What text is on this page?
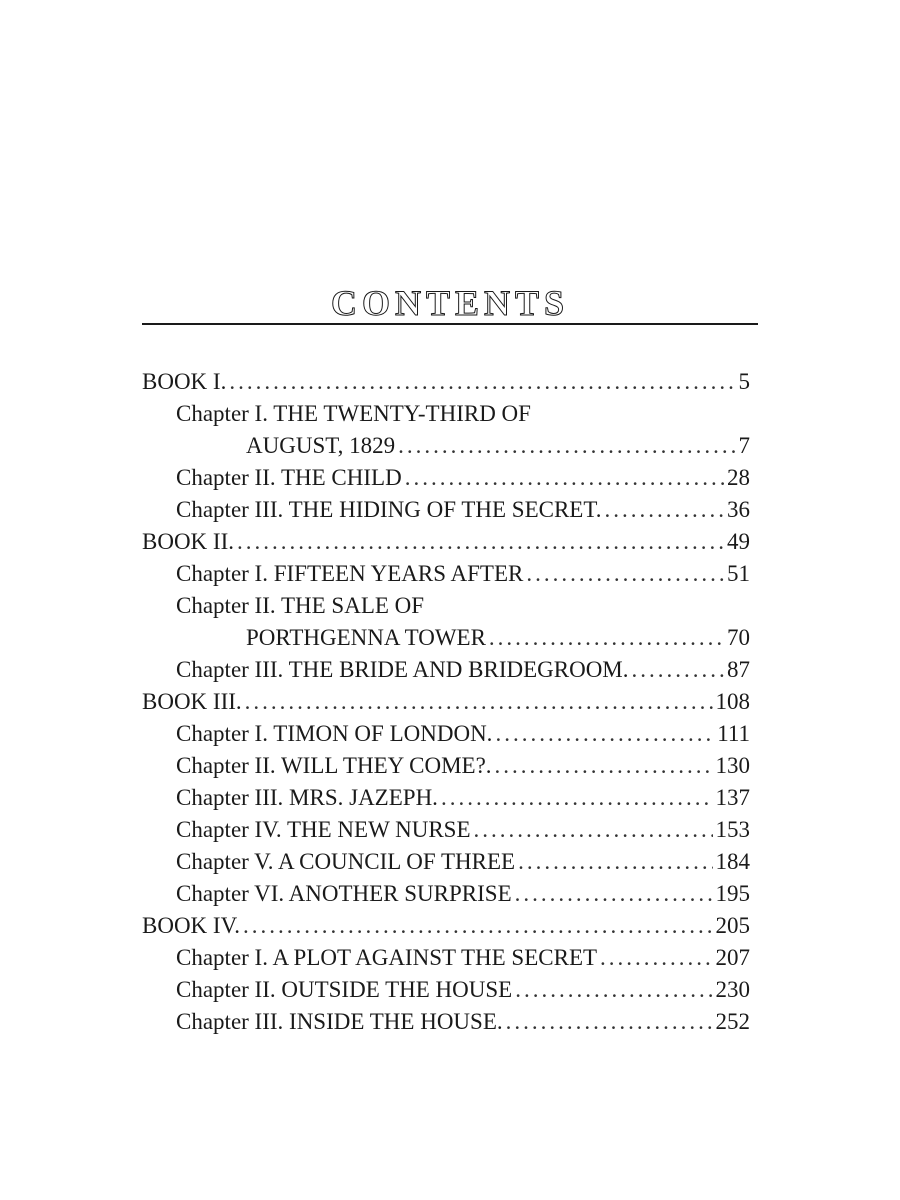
CONTENTS
BOOK I. .....	5
Chapter I. THE TWENTY-THIRD OF
AUGUST, 1829 .....	7
Chapter II. THE CHILD .....	28
Chapter III. THE HIDING OF THE SECRET. .....	36
BOOK II. .....	49
Chapter I. FIFTEEN YEARS AFTER .....	51
Chapter II. THE SALE OF
PORTHGENNA TOWER .....	70
Chapter III. THE BRIDE AND BRIDEGROOM. .....	87
BOOK III. .....	108
Chapter I. TIMON OF LONDON. .....	111
Chapter II. WILL THEY COME?. .....	130
Chapter III. MRS. JAZEPH. .....	137
Chapter IV. THE NEW NURSE .....	153
Chapter V. A COUNCIL OF THREE .....	184
Chapter VI. ANOTHER SURPRISE .....	195
BOOK IV. .....	205
Chapter I. A PLOT AGAINST THE SECRET .....	207
Chapter II. OUTSIDE THE HOUSE .....	230
Chapter III. INSIDE THE HOUSE. .....	252
